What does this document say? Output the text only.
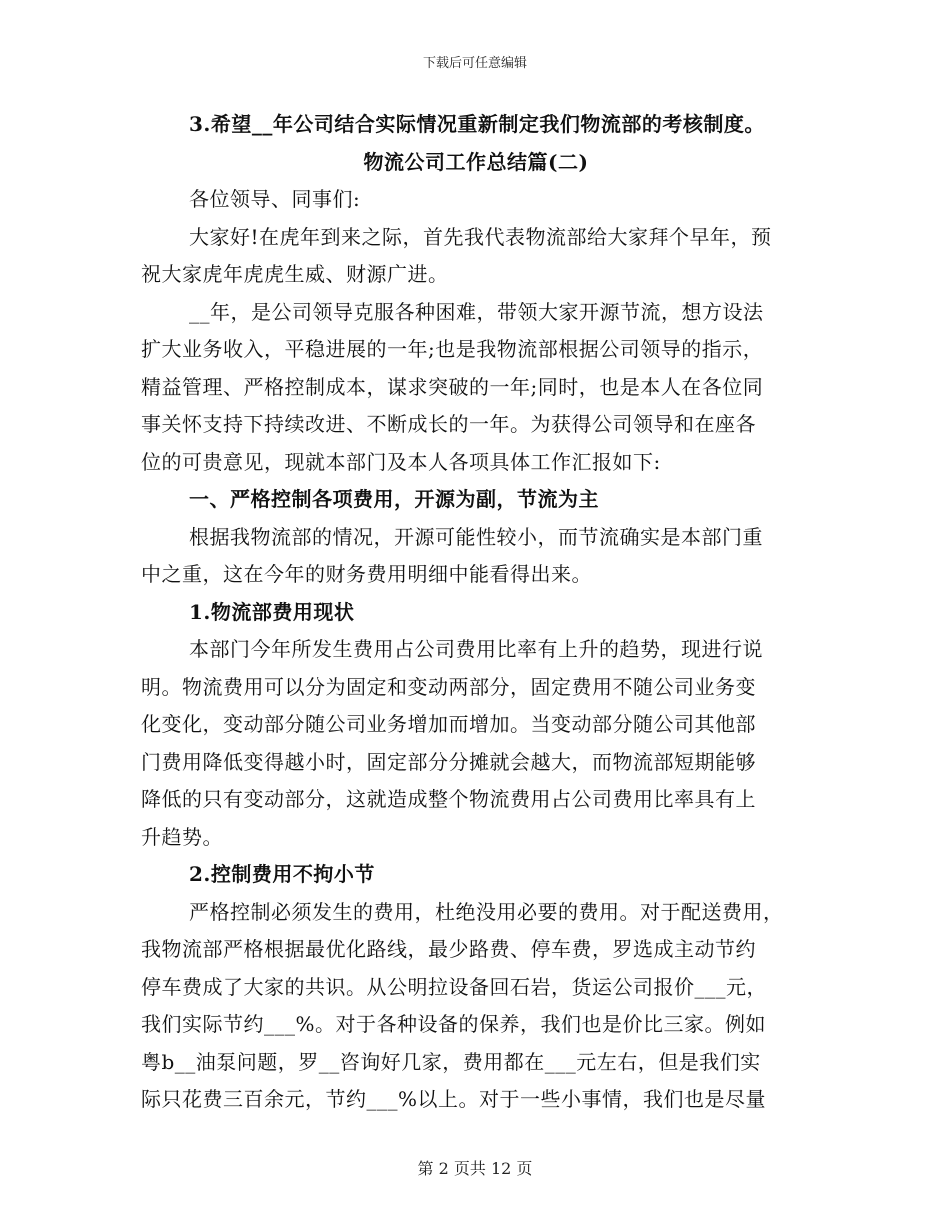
下载后可任意编辑
3.希望__年公司结合实际情况重新制定我们物流部的考核制度。
物流公司工作总结篇(二)
各位领导、同事们:
大家好!在虎年到来之际，首先我代表物流部给大家拜个早年，预
祝大家虎年虎虎生威、财源广进。
__年，是公司领导克服各种困难，带领大家开源节流，想方设法
扩大业务收入，平稳进展的一年;也是我物流部根据公司领导的指示，
精益管理、严格控制成本，谋求突破的一年;同时，也是本人在各位同
事关怀支持下持续改进、不断成长的一年。为获得公司领导和在座各
位的可贵意见，现就本部门及本人各项具体工作汇报如下:
一、严格控制各项费用，开源为副，节流为主
根据我物流部的情况，开源可能性较小，而节流确实是本部门重
中之重，这在今年的财务费用明细中能看得出来。
1.物流部费用现状
本部门今年所发生费用占公司费用比率有上升的趋势，现进行说
明。物流费用可以分为固定和变动两部分，固定费用不随公司业务变
化变化，变动部分随公司业务增加而增加。当变动部分随公司其他部
门费用降低变得越小时，固定部分分摊就会越大，而物流部短期能够
降低的只有变动部分，这就造成整个物流费用占公司费用比率具有上
升趋势。
2.控制费用不拘小节
严格控制必须发生的费用，杜绝没用必要的费用。对于配送费用，
我物流部严格根据最优化路线，最少路费、停车费，罗选成主动节约
停车费成了大家的共识。从公明拉设备回石岩，货运公司报价___元，
我们实际节约___%。对于各种设备的保养，我们也是价比三家。例如
粤b__油泵问题，罗__咨询好几家，费用都在___元左右，但是我们实
际只花费三百余元，节约___%以上。对于一些小事情，我们也是尽量
第 2 页共 12 页
